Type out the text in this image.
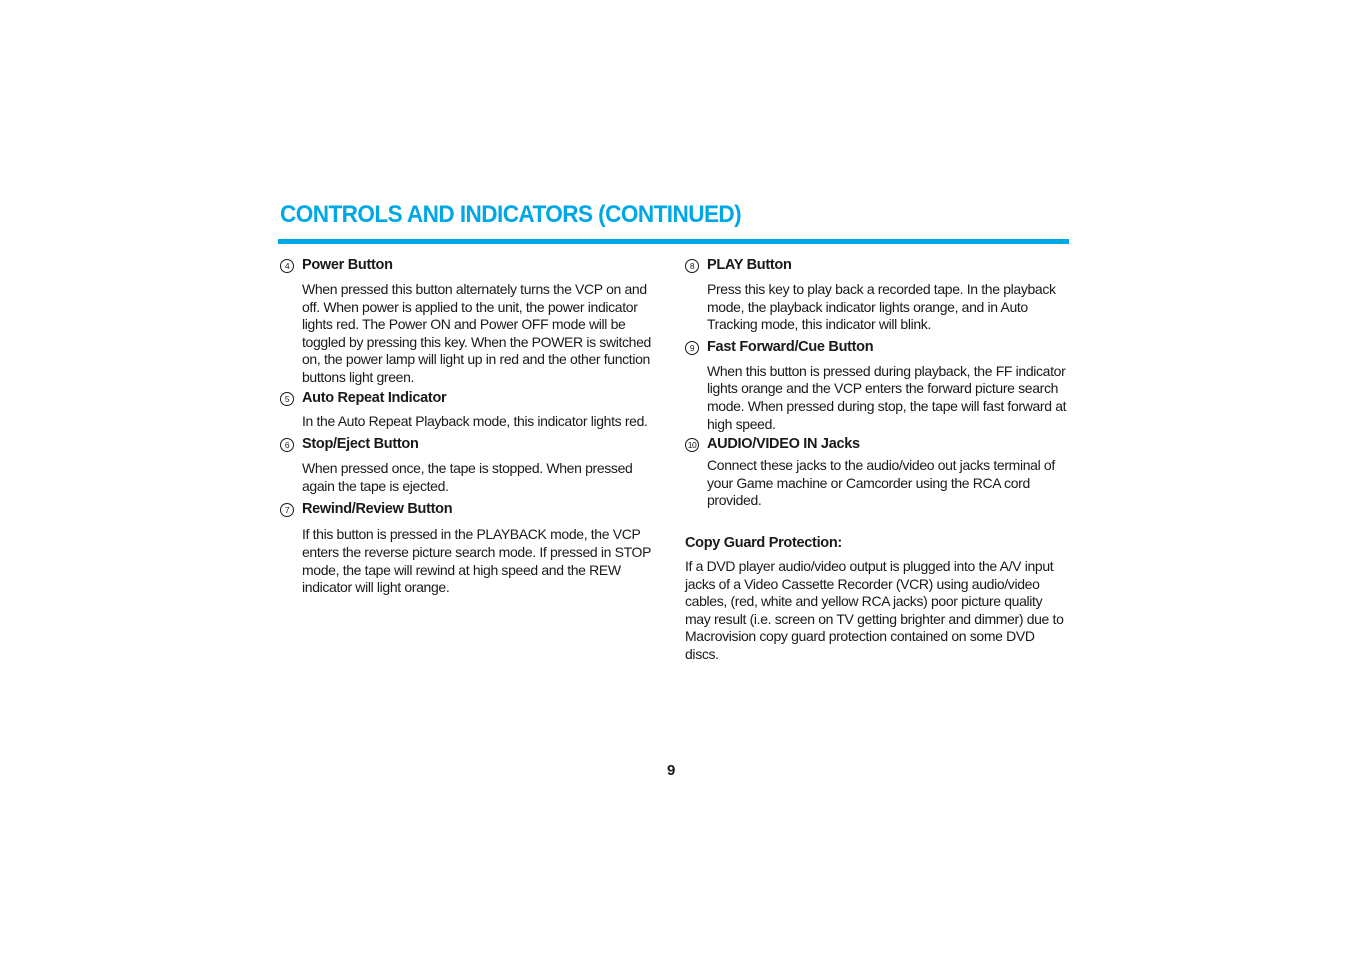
CONTROLS AND INDICATORS (CONTINUED)
4 Power Button
When pressed this button alternately turns the VCP on and off. When power is applied to the unit, the power indicator lights red. The Power ON and Power OFF mode will be toggled by pressing this key. When the POWER is switched on, the power lamp will light up in red and the other function buttons light green.
5 Auto Repeat Indicator
In the Auto Repeat Playback mode, this indicator lights red.
6 Stop/Eject Button
When pressed once, the tape is stopped. When pressed again the tape is ejected.
7 Rewind/Review Button
If this button is pressed in the PLAYBACK mode, the VCP enters the reverse picture search mode. If pressed in STOP mode, the tape will rewind at high speed and the REW indicator will light orange.
8 PLAY Button
Press this key to play back a recorded tape. In the playback mode, the playback indicator lights orange, and in Auto Tracking mode, this indicator will blink.
9 Fast Forward/Cue Button
When this button is pressed during playback, the FF indicator lights orange and the VCP enters the forward picture search mode. When pressed during stop, the tape will fast forward at high speed.
10 AUDIO/VIDEO IN Jacks
Connect these jacks to the audio/video out jacks terminal of your Game machine or Camcorder using the RCA cord provided.
Copy Guard Protection:
If a DVD player audio/video output is plugged into the A/V input jacks of a Video Cassette Recorder (VCR) using audio/video cables, (red, white and yellow RCA jacks) poor picture quality may result (i.e. screen on TV getting brighter and dimmer) due to Macrovision copy guard protection contained on some DVD discs.
9
